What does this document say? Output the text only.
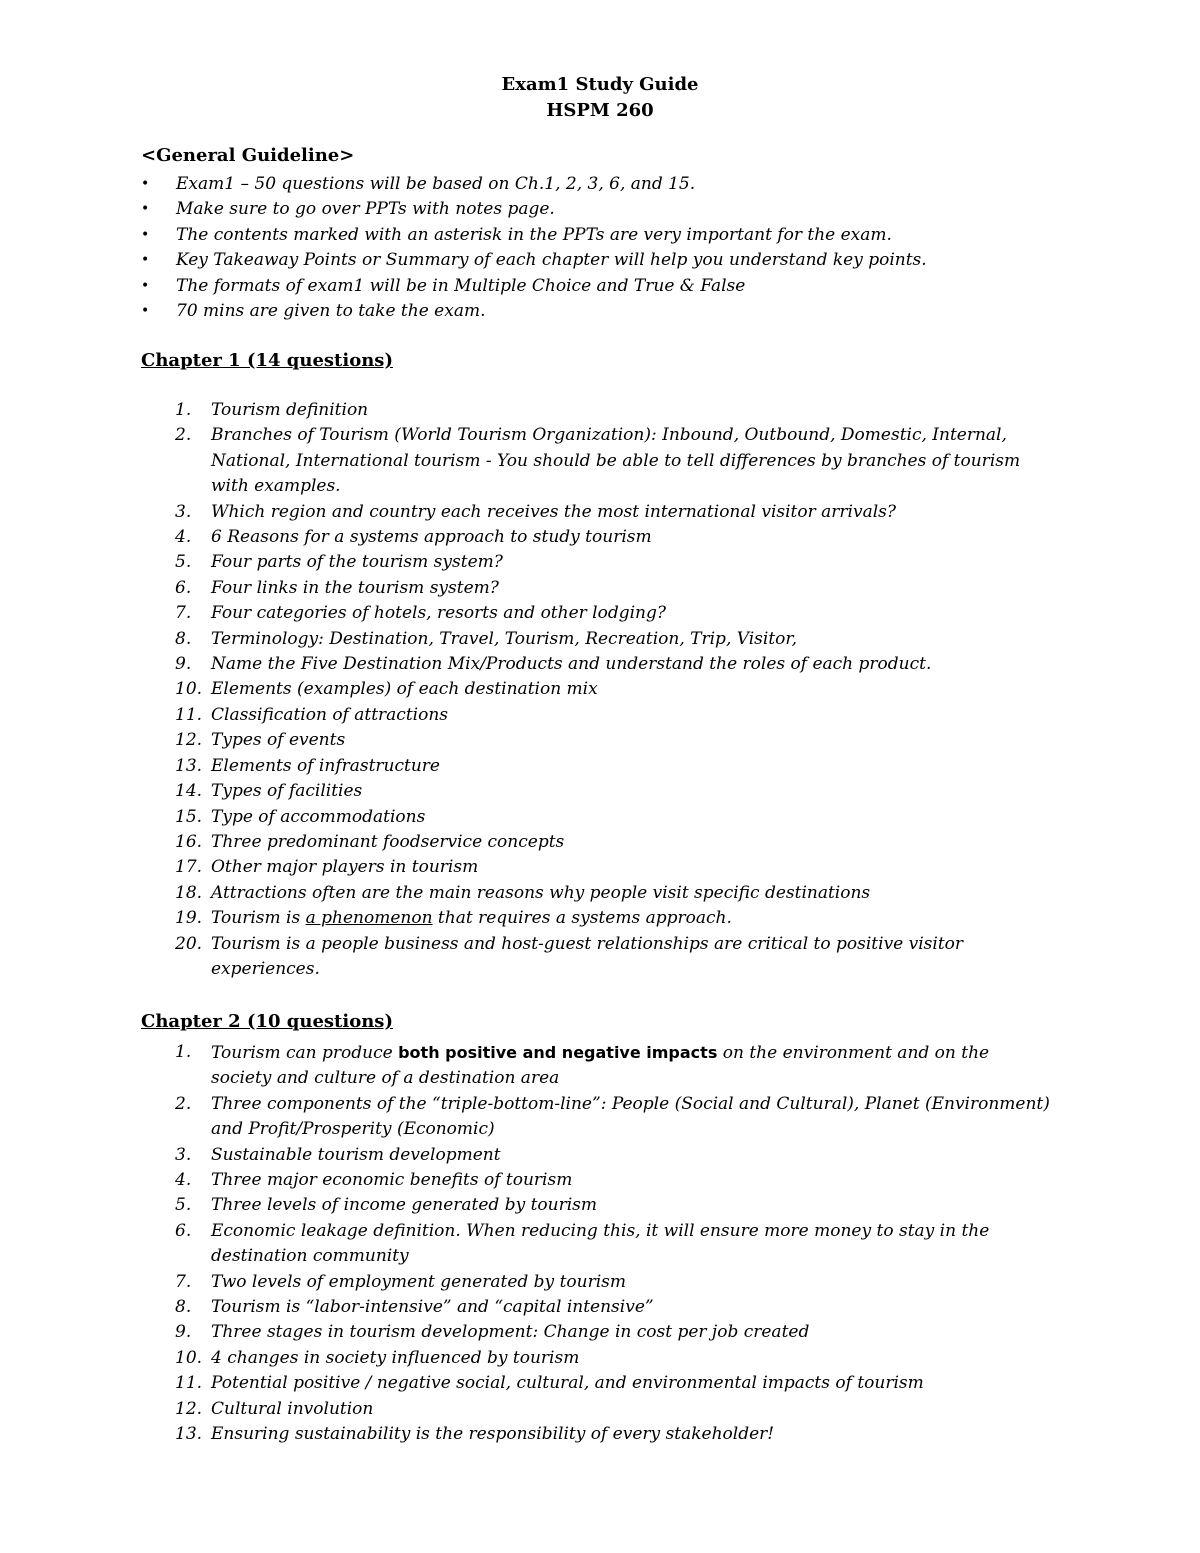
Exam1 Study Guide
HSPM 260
<General Guideline>
• Exam1 – 50 questions will be based on Ch.1, 2, 3, 6, and 15.
• Make sure to go over PPTs with notes page.
• The contents marked with an asterisk in the PPTs are very important for the exam.
• Key Takeaway Points or Summary of each chapter will help you understand key points.
• The formats of exam1 will be in Multiple Choice and True & False
• 70 mins are given to take the exam.
Chapter 1 (14 questions)
1.	Tourism definition
2.	Branches of Tourism (World Tourism Organization): Inbound, Outbound, Domestic, Internal, National, International tourism - You should be able to tell differences by branches of tourism with examples.
3.	Which region and country each receives the most international visitor arrivals?
4.	6 Reasons for a systems approach to study tourism
5.	Four parts of the tourism system?
6.	Four links in the tourism system?
7.	Four categories of hotels, resorts and other lodging?
8.	Terminology: Destination, Travel, Tourism, Recreation, Trip, Visitor,
9.	Name the Five Destination Mix/Products and understand the roles of each product.
10. Elements (examples) of each destination mix
11. Classification of attractions
12. Types of events
13. Elements of infrastructure
14. Types of facilities
15. Type of accommodations
16. Three predominant foodservice concepts
17. Other major players in tourism
18. Attractions often are the main reasons why people visit specific destinations
19. Tourism is a phenomenon that requires a systems approach.
20. Tourism is a people business and host-guest relationships are critical to positive visitor experiences.
Chapter 2 (10 questions)
1.	Tourism can produce both positive and negative impacts on the environment and on the society and culture of a destination area
2.	Three components of the “triple-bottom-line”: People (Social and Cultural), Planet (Environment) and Profit/Prosperity (Economic)
3.	Sustainable tourism development
4.	Three major economic benefits of tourism
5.	Three levels of income generated by tourism
6.	Economic leakage definition. When reducing this, it will ensure more money to stay in the destination community
7.	Two levels of employment generated by tourism
8.	Tourism is “labor-intensive” and “capital intensive”
9.	Three stages in tourism development: Change in cost per job created
10. 4 changes in society influenced by tourism
11. Potential positive / negative social, cultural, and environmental impacts of tourism
12. Cultural involution
13. Ensuring sustainability is the responsibility of every stakeholder!
